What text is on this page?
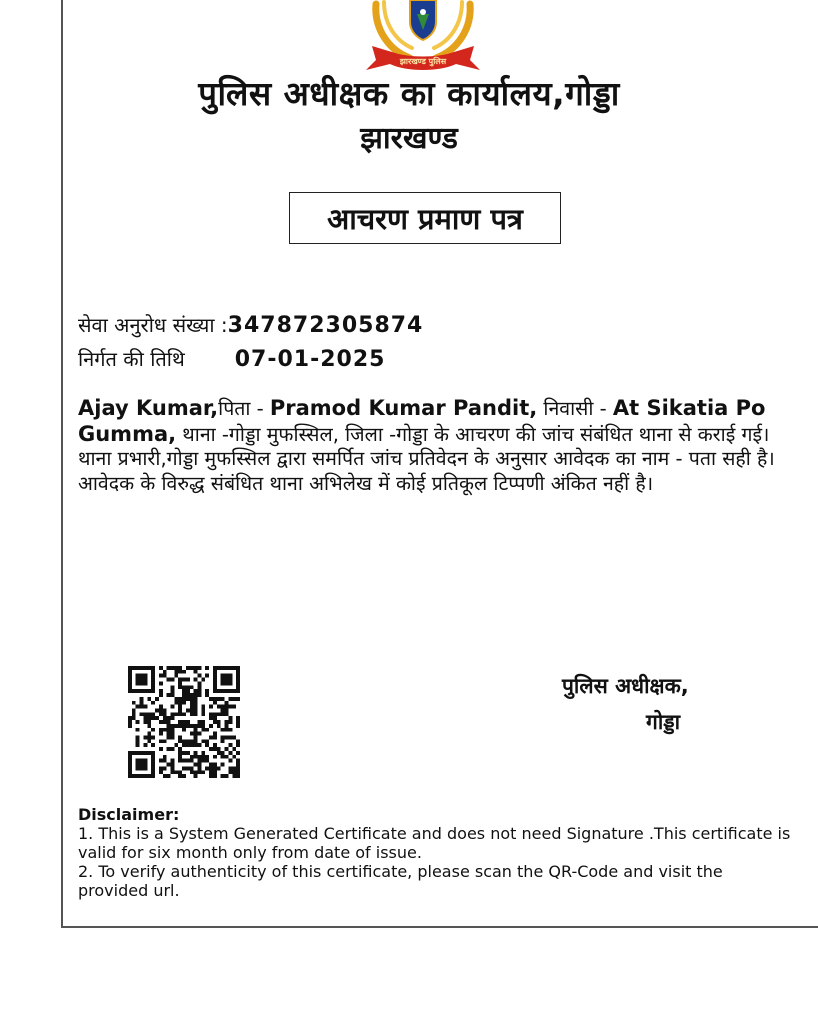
झारखण्ड पुलिस
पुलिस अधीक्षक का कार्यालय,गोड्डा
झारखण्ड
आचरण प्रमाण पत्र
सेवा अनुरोध संख्या :347872305874
निर्गत की तिथि 07-01-2025
Ajay Kumar,पिता - Pramod Kumar Pandit, निवासी - At Sikatia Po Gumma, थाना -गोड्डा मुफस्सिल, जिला -गोड्डा के आचरण की जांच संबंधित थाना से कराई गई। थाना प्रभारी,गोड्डा मुफस्सिल द्वारा समर्पित जांच प्रतिवेदन के अनुसार आवेदक का नाम - पता सही है। आवेदक के विरुद्ध संबंधित थाना अभिलेख में कोई प्रतिकूल टिप्पणी अंकित नहीं है।
पुलिस अधीक्षक,
गोड्डा
Disclaimer:
1. This is a System Generated Certificate and does not need Signature .This certificate is valid for six month only from date of issue.
2. To verify authenticity of this certificate, please scan the QR-Code and visit the provided url.
